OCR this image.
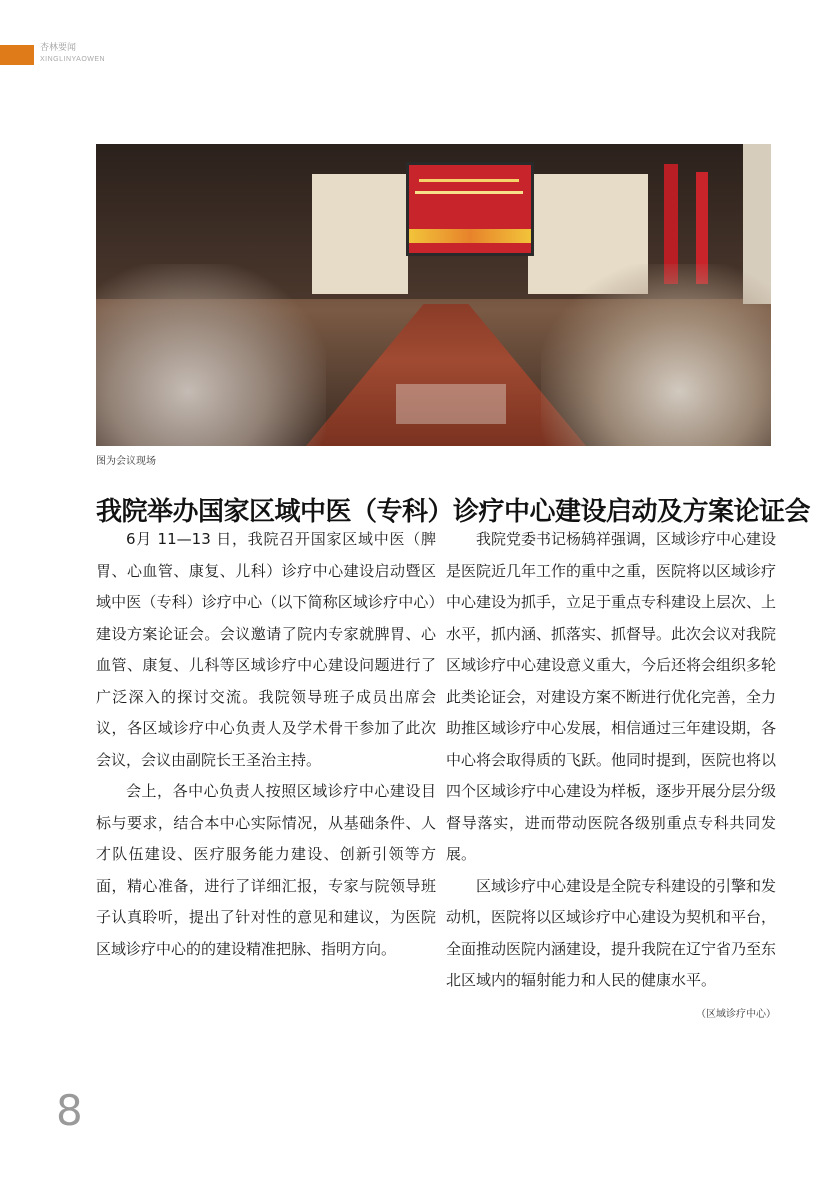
杏林要闻
XINGLINYAOWEN
图为会议现场
我院举办国家区域中医（专科）诊疗中心建设启动及方案论证会

6月 11—13 日，我院召开国家区域中医（脾胃、心血管、康复、儿科）诊疗中心建设启动暨区域中医（专科）诊疗中心（以下简称区域诊疗中心）建设方案论证会。会议邀请了院内专家就脾胃、心血管、康复、儿科等区域诊疗中心建设问题进行了广泛深入的探讨交流。我院领导班子成员出席会议，各区域诊疗中心负责人及学术骨干参加了此次会议，会议由副院长王圣治主持。

会上，各中心负责人按照区域诊疗中心建设目标与要求，结合本中心实际情况，从基础条件、人才队伍建设、医疗服务能力建设、创新引领等方面，精心准备，进行了详细汇报，专家与院领导班子认真聆听，提出了针对性的意见和建议，为医院区域诊疗中心的的建设精准把脉、指明方向。

我院党委书记杨鸫祥强调，区域诊疗中心建设是医院近几年工作的重中之重，医院将以区域诊疗中心建设为抓手，立足于重点专科建设上层次、上水平，抓内涵、抓落实、抓督导。此次会议对我院区域诊疗中心建设意义重大，今后还将会组织多轮此类论证会，对建设方案不断进行优化完善，全力助推区域诊疗中心发展，相信通过三年建设期，各中心将会取得质的飞跃。他同时提到，医院也将以四个区域诊疗中心建设为样板，逐步开展分层分级督导落实，进而带动医院各级别重点专科共同发展。

区域诊疗中心建设是全院专科建设的引擎和发动机，医院将以区域诊疗中心建设为契机和平台，全面推动医院内涵建设，提升我院在辽宁省乃至东北区域内的辐射能力和人民的健康水平。
（区域诊疗中心）

8
